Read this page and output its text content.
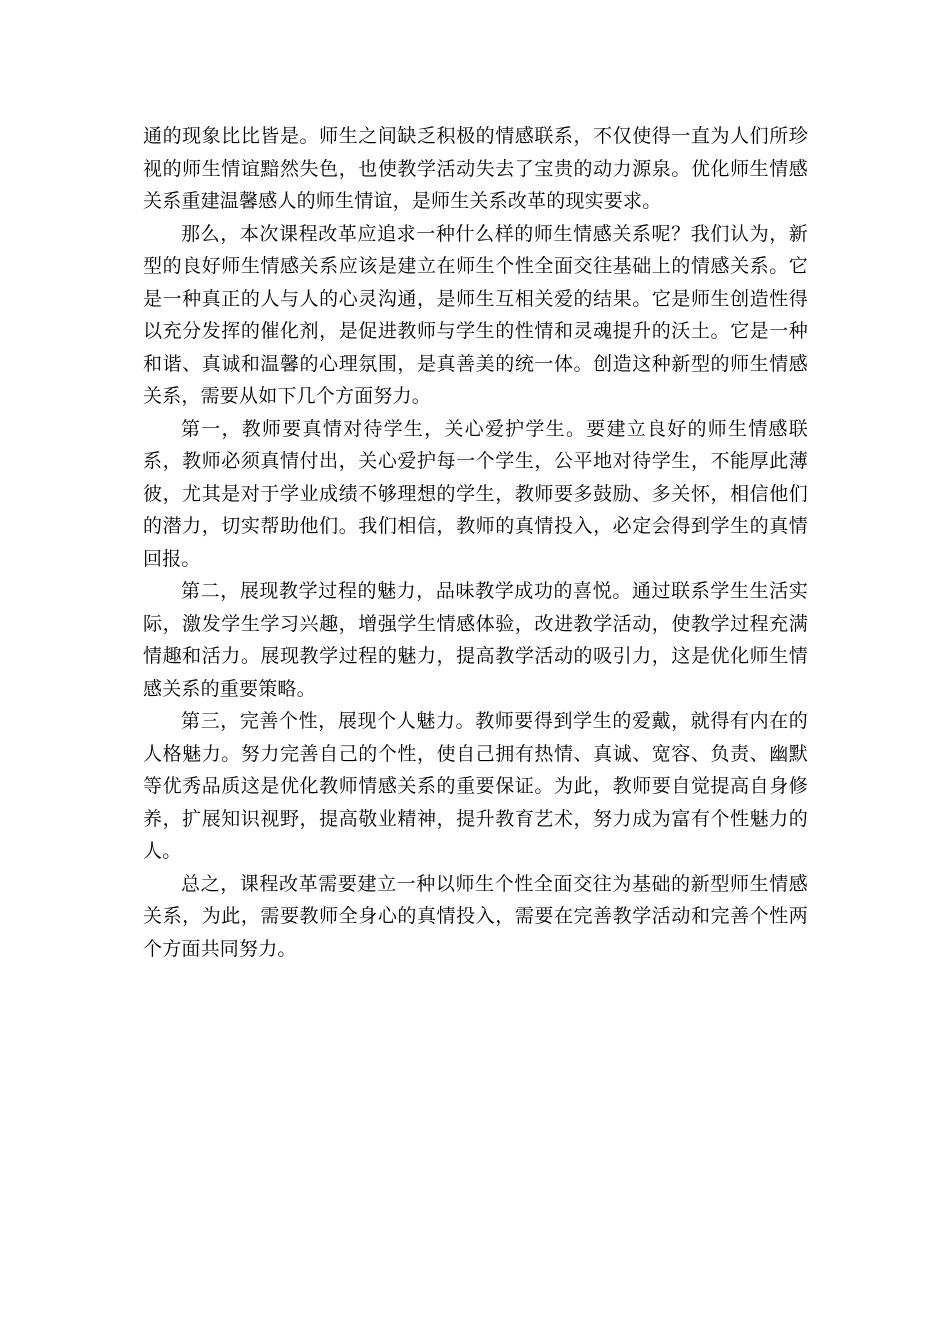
通的现象比比皆是。师生之间缺乏积极的情感联系，不仅使得一直为人们所珍视的师生情谊黯然失色，也使教学活动失去了宝贵的动力源泉。优化师生情感关系重建温馨感人的师生情谊，是师生关系改革的现实要求。

那么，本次课程改革应追求一种什么样的师生情感关系呢？我们认为，新型的良好师生情感关系应该是建立在师生个性全面交往基础上的情感关系。它是一种真正的人与人的心灵沟通，是师生互相关爱的结果。它是师生创造性得以充分发挥的催化剂，是促进教师与学生的性情和灵魂提升的沃土。它是一种和谐、真诚和温馨的心理氛围，是真善美的统一体。创造这种新型的师生情感关系，需要从如下几个方面努力。

第一，教师要真情对待学生，关心爱护学生。要建立良好的师生情感联系，教师必须真情付出，关心爱护每一个学生，公平地对待学生，不能厚此薄彼，尤其是对于学业成绩不够理想的学生，教师要多鼓励、多关怀，相信他们的潜力，切实帮助他们。我们相信，教师的真情投入，必定会得到学生的真情回报。

第二，展现教学过程的魅力，品味教学成功的喜悦。通过联系学生生活实际，激发学生学习兴趣，增强学生情感体验，改进教学活动，使教学过程充满情趣和活力。展现教学过程的魅力，提高教学活动的吸引力，这是优化师生情感关系的重要策略。

第三，完善个性，展现个人魅力。教师要得到学生的爱戴，就得有内在的人格魅力。努力完善自己的个性，使自己拥有热情、真诚、宽容、负责、幽默等优秀品质这是优化教师情感关系的重要保证。为此，教师要自觉提高自身修养，扩展知识视野，提高敬业精神，提升教育艺术，努力成为富有个性魅力的人。

总之，课程改革需要建立一种以师生个性全面交往为基础的新型师生情感关系，为此，需要教师全身心的真情投入，需要在完善教学活动和完善个性两个方面共同努力。
